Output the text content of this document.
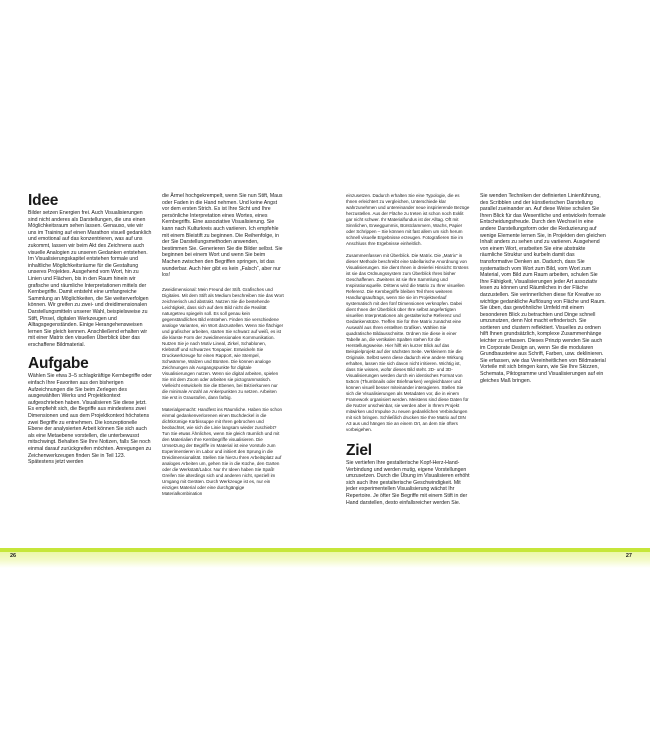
Idee

Bilder setzen Energien frei. Auch Visualisierungen sind nicht anderes als Darstellungen, die uns einen Möglichkeitsraum sehen lassen. Genauso, wie wir uns im Training auf einen Marathon visuell gedanklich und emotional auf das konzentrieren, was auf uns zukommt, lassen wir beim Akt des Zeichnens auch visuelle Analogien zu unseren Gedanken entstehen. Im Visualisierungskapitel entstehen formale und inhaltliche Möglichkeitsräume für die Gestaltung unseres Projektes. Ausgehend vom Wort, hin zu Linien und Flächen, bis in den Raum hinein wir grafische und räumliche Interpretationen mittels der Kernbegriffe. Damit entsteht eine umfangreiche Sammlung an Möglichkeiten, die Sie weiterverfolgen können. Wir greifen zu zwei- und dreidimensionalen Darstellungsmitteln unserer Wahl, beispielsweise zu Stift, Pinsel, digitalen Werkzeugen und Alltagsgegenständen. Einige Herangehensweisen lernen Sie gleich kennen. Anschließend erhalten wir mit einer Matrix den visuellen Überblick über das erschaffene Bildmaterial.

Aufgabe

Wählen Sie etwa 3–5 schlagkräftige Kernbegriffe oder einfach Ihre Favoriten aus den bisherigen Aufzeichnungen die Sie beim Zerlegen des ausgewählten Werks und Projektkontext aufgeschrieben haben. Visualisieren Sie diese jetzt. Es empfiehlt sich, die Begriffe aus mindestens zwei Dimensionen und aus dem Projektkontext höchstens zwei Begriffe zu entnehmen. Die konzeptionelle Ebene der analysierten Arbeit können Sie sich auch als eine Metaebene vorstellen, die unterbewusst mitschwingt. Behalten Sie Ihre Notizen, falls Sie noch einmal darauf zurückgreifen möchten. Anregungen zu Zeichenwerkzeugen finden Sie in Teil 123. Spätestens jetzt werden

die Ärmel hochgekrempelt, wenn Sie nun Stift, Maus oder Faden in die Hand nehmen. Und keine Angst vor dem ersten Strich. Es ist Ihre Sicht und Ihre persönliche Interpretation eines Wortes, eines Kernbegriffs. Eine assoziative Visualisierung. Sie kann nach Kulturkreis auch variieren. Ich empfehle mit einem Bleistift zu beginnen. Die Reihenfolge, in der Sie Darstellungsmethoden anwenden, bestimmen Sie. Generieren Sie die Bilder selbst. Sie beginnen bei einem Wort und wenn Sie beim Machen zwischen den Begriffen springen, ist das wunderbar. Auch hier gibt es kein „Falsch“, aber nur los!

Zweidimensional: Mein Freund der Stift. Grafisches und Digitales. Mit dem Stift als Medium beschreiben Sie das Wort zeichnerisch und abstrakt. Nutzen Sie die bestehende Leichtigkeit, dass sich auf dem Bild nicht die Realität naturgetreu spiegeln soll. Es soll genau kein gegenständliches Bild entstehen. Finden Sie verschiedene analoge Varianten, ein Wort darzustellen. Wenn Sie flächiger und grafischer arbeiten, starten Sie schwarz auf weiß, es ist die klarste Form der zweidimensionalen Kommunikation. Nutzen Sie je nach Motiv Lineal, Zirkel, Schablonen, Klebstoff und schwarzes Tonpapier. Entwickeln Sie Druckwerkzeuge für einen Rapport, wie Stempel, Schwämme, Walzen und Bürsten. Die können analoge Zeichnungen als Ausgangspunkte für digitale Visualisierungen nutzen. Wenn sie digital arbeiten, spielen Sie mit dem Zoom oder arbeiten sie pictogrammatisch. Vielleicht entwickeln Sie die Ebenen, bei Bézierkurven nur die minimale Anzahl an Ankerpunkten zu setzen. Arbeiten Sie erst in Graustufen, dann farbig.

Materialgemacht: Handfest ins Räumliche. Haben Sie schon einmal gedankenverlorenen einen Buchdeckel in die dichtkrümige Kürbissuppe mit Ihren gebrochen und beobachtet, wie sich die Linie langsam wieder zuschiebt? Tun Sie etwas Ähnliches, wenn Sie gleich räumlich und mit den Materialien Ihre Kernbegriffe visualisieren. Die Umsetzung der Begriffe im Material ist eine Vorstufe zum Experimentieren im Labor und initiiert den Sprung in die Dreidimensionalität. Stellen Sie hierzu Ihren Arbeitsplatz auf analoges Arbeiten um, gehen Sie in die Küche, den Garten oder die Werkstatt/Labor. Nur Ihr Ideen haben Sie Spaß! Greifen Sie alterdings sich und anderen nicht, speziell im Umgang mit Geräten. Durch Werkzeuge ist es, nur ein einziges Material oder eine durchgängige Materialkombination

einzusetzen. Dadurch erhalten Sie eine Typologie, die es Ihnen erleichtert zu vergleichen, Unterschiede klar wahrzunehmen und untereinander neue inspirierende Bezüge herzustellen. Aus der Fläche zu treten ist schon noch Exklit gar nicht schwer. Ihr Materialfundus ist der Alltag. Oft mit Sinnlichen, Erweggummis, Bürstclammern, Wachs, Papier oder Schrippen – Sie können mit fast allem um sich herum schnell visuelle Ergebnisse erzeugen. Fotografieren Sie im Anschluss Ihre Ergebnisse einheitlich.

Zusammenfassen mit Überblick. Die Matrix. Die „Matrix“ in dieser Methode beschreibt eine tabellarische Anordnung von Visualisierungen. Sie dient Ihnen in dreierlei Hinsicht: Erstens ist sie das Ordnungssystem zum Überblick Ihres bisher Geschaffenen. Zweitens ist sie Ihre Sammlung und Inspirationsquelle. Drittens wird die Matrix zu Ihrer visuellen Referenz. Die Kernbegriffe bleiben Teil Ihres weiteren Handlungsauftrags, wenn Sie sie im Projektverlauf systematisch mit den fünf Dimensionen verknüpfen. Dabei dient Ihnen der Überblick über Ihre selbst angefertigten visuellen Interpretationen als gestalterische Referenz und Gedankenstütze. Treffen Sie für Ihre Matrix zunächst eine Auswahl aus Ihren erstellten Grafiken. Wählen Sie quadratische Bildausschnitte. Ordnen Sie diese in einer Tabelle an, die vertikalen Spalten stehen für die Herstellungsweise. Hier hilft ein kurzer Blick auf das Beispielprojekt auf der nächsten Seite. Verkleinern Sie die Originale. Selbst wenn diese dadurch eine andere Wirkung erhalten, lassen Sie sich davon nicht irritieren. Wichtig ist, dass Sie wissen, wofür dieses Bild steht. 2D- und 3D- Visualisierungen werden durch ein identisches Format von 5x5cm (Thumbnails oder Briefmarken) vergleichbarer und können visuell besser miteinander interagieren. Stellen Sie sich die Visualisierungen als Metadaten vor, die in einem Framework organisiert werden. Meistens sind diese Daten für die Nutzer unscheinbar, sie werden aber in Ihrem Projekt mitwirken und Impulse zu neuen gedanklichen Verbindungen mit sich bringen. Schließlich drucken Sie Ihre Matrix auf DIN A3 aus und hängen Sie an einem Ort, an dem Sie öfters vorbeigehen.

Ziel

Sie vertiefen Ihre gestalterische Kopf-Herz-Hand-Verbindung und werden mutig, eigene Vorstellungen umzusetzen. Durch die Übung im Visualisieren erhöht sich auch Ihre gestalterische Geschwindigkeit. Mit jeder experimentellen Visualisierung wächst Ihr Repertoire. Je öfter Sie Begriffe mit einem Stift in der Hand darstellen, desto einfallsreicher werden Sie.

Sie wenden Techniken der definierten Linienführung, des Scribblen und der künstlerischen Darstellung parallel zueinander an. Auf diese Weise schulen Sie Ihren Blick für das Wesentliche und entwickeln formale Entscheidungsfreude. Durch den Wechsel in eine andere Darstellungsform oder die Reduzierung auf wenige Elemente lernen Sie, in Projekten den gleichen Inhalt anders zu sehen und zu variieren. Ausgehend von einem Wort, erarbeiten Sie eine abstrakte räumliche Struktur und kurbeln damit das transformative Denken an. Dadurch, dass Sie systematisch vom Wort zum Bild, vom Wort zum Material, vom Bild zum Raum arbeiten, schulen Sie Ihre Fähigkeit, Visualisierungen jeder Art assoziativ lesen zu können und Räumliches in der Fläche darzustellen. Sie verinnerlichen diese für Kreative so wichtige gedankliche Auflösung von Fläche und Raum. Sie üben, das gewöhnliche Umfeld mit einem besonderen Blick zu betrachten und Dinge schnell umzunutzen, denn Not macht erfinderisch. Sie sortieren und clustern reflektiert. Visuelles zu ordnen hilft Ihnen grundsätzlich, komplexe Zusammenhänge leichter zu erfassen. Dieses Prinzip wenden Sie auch im Corporate Design an, wenn Sie die modularen Grundbausteine aus Schrift, Farben, usw. deklinieren. Sie erfassen, wie das Vereinheitlichen von Bildmaterial Vorteile mit sich bringen kann, wie Sie Ihre Skizzen, Schemata, Piktogramme und Visualisierungen auf ein gleiches Maß bringen.

26	27
